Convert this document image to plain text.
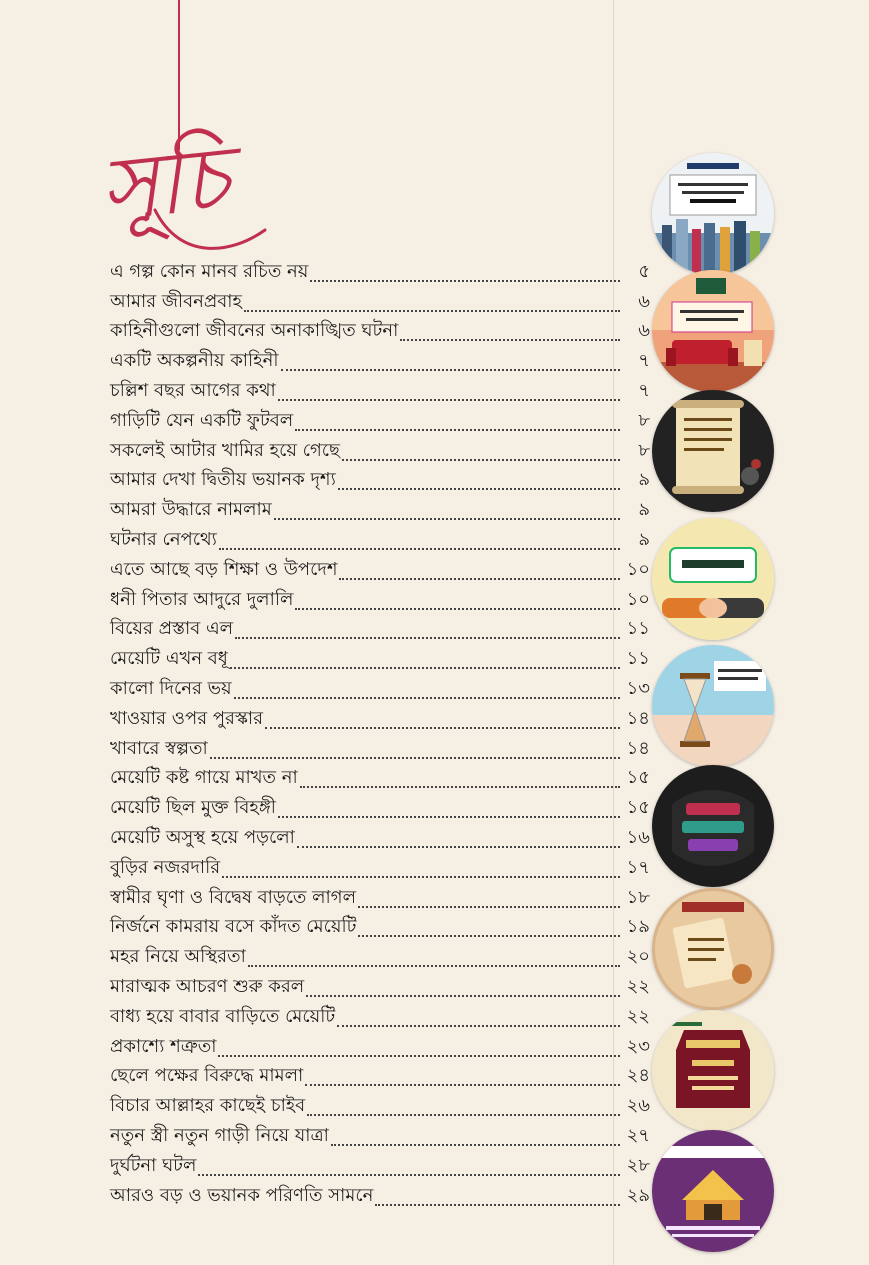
সূচি
এ গল্প কোন মানব রচিত নয়	৫
আমার জীবনপ্রবাহ	৬
কাহিনীগুলো জীবনের অনাকাঙ্খিত ঘটনা	৬
একটি অকল্পনীয় কাহিনী	৭
চল্লিশ বছর আগের কথা	৭
গাড়িটি যেন একটি ফুটবল	৮
সকলেই আটার খামির হয়ে গেছে	৮
আমার দেখা দ্বিতীয় ভয়ানক দৃশ্য	৯
আমরা উদ্ধারে নামলাম	৯
ঘটনার নেপথ্যে	৯
এতে আছে বড় শিক্ষা ও উপদেশ	১০
ধনী পিতার আদুরে দুলালি	১০
বিয়ের প্রস্তাব এল	১১
মেয়েটি এখন বধূ	১১
কালো দিনের ভয়	১৩
খাওয়ার ওপর পুরস্কার	১৪
খাবারে স্বল্পতা	১৪
মেয়েটি কষ্ট গায়ে মাখত না	১৫
মেয়েটি ছিল মুক্ত বিহঙ্গী	১৫
মেয়েটি অসুস্থ হয়ে পড়লো	১৬
বুড়ির নজরদারি	১৭
স্বামীর ঘৃণা ও বিদ্বেষ বাড়তে লাগল	১৮
নির্জনে কামরায় বসে কাঁদত মেয়েটি	১৯
মহর নিয়ে অস্থিরতা	২০
মারাত্মক আচরণ শুরু করল	২২
বাধ্য হয়ে বাবার বাড়িতে মেয়েটি	২২
প্রকাশ্যে শত্রুতা	২৩
ছেলে পক্ষের বিরুদ্ধে মামলা	২৪
বিচার আল্লাহর কাছেই চাইব	২৬
নতুন স্ত্রী নতুন গাড়ী নিয়ে যাত্রা	২৭
দুর্ঘটনা ঘটল	২৮
আরও বড় ও ভয়ানক পরিণতি সামনে	২৯
